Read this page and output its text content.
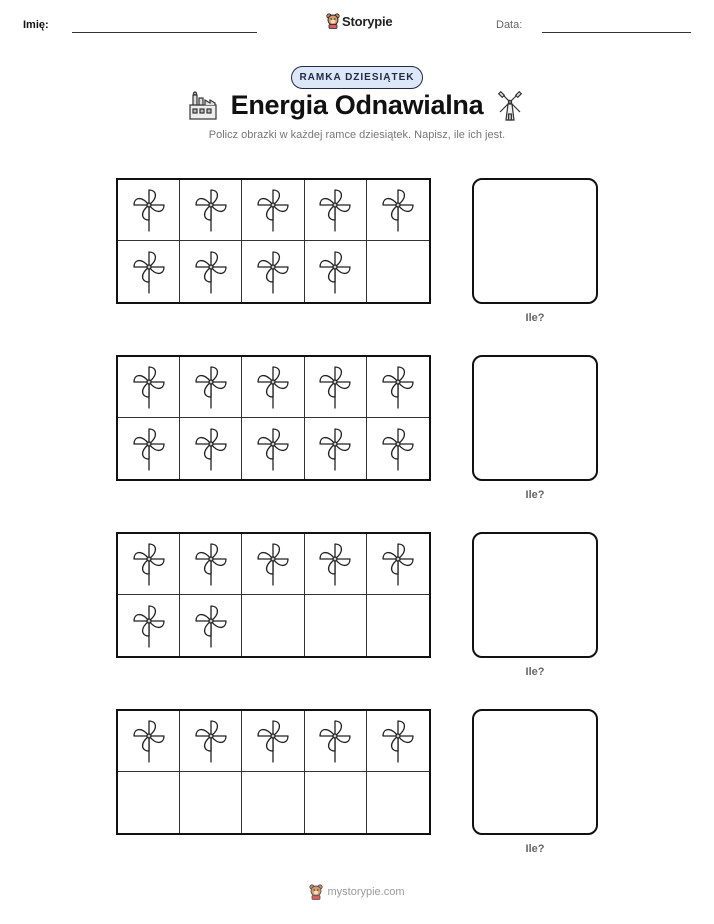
Imię:	Storypie	Data:
RAMKA DZIESIĄTEK
Energia Odnawialna
Policz obrazki w każdej ramce dziesiątek. Napisz, ile ich jest.
Ile?
Ile?
Ile?
Ile?
mystorypie.com
